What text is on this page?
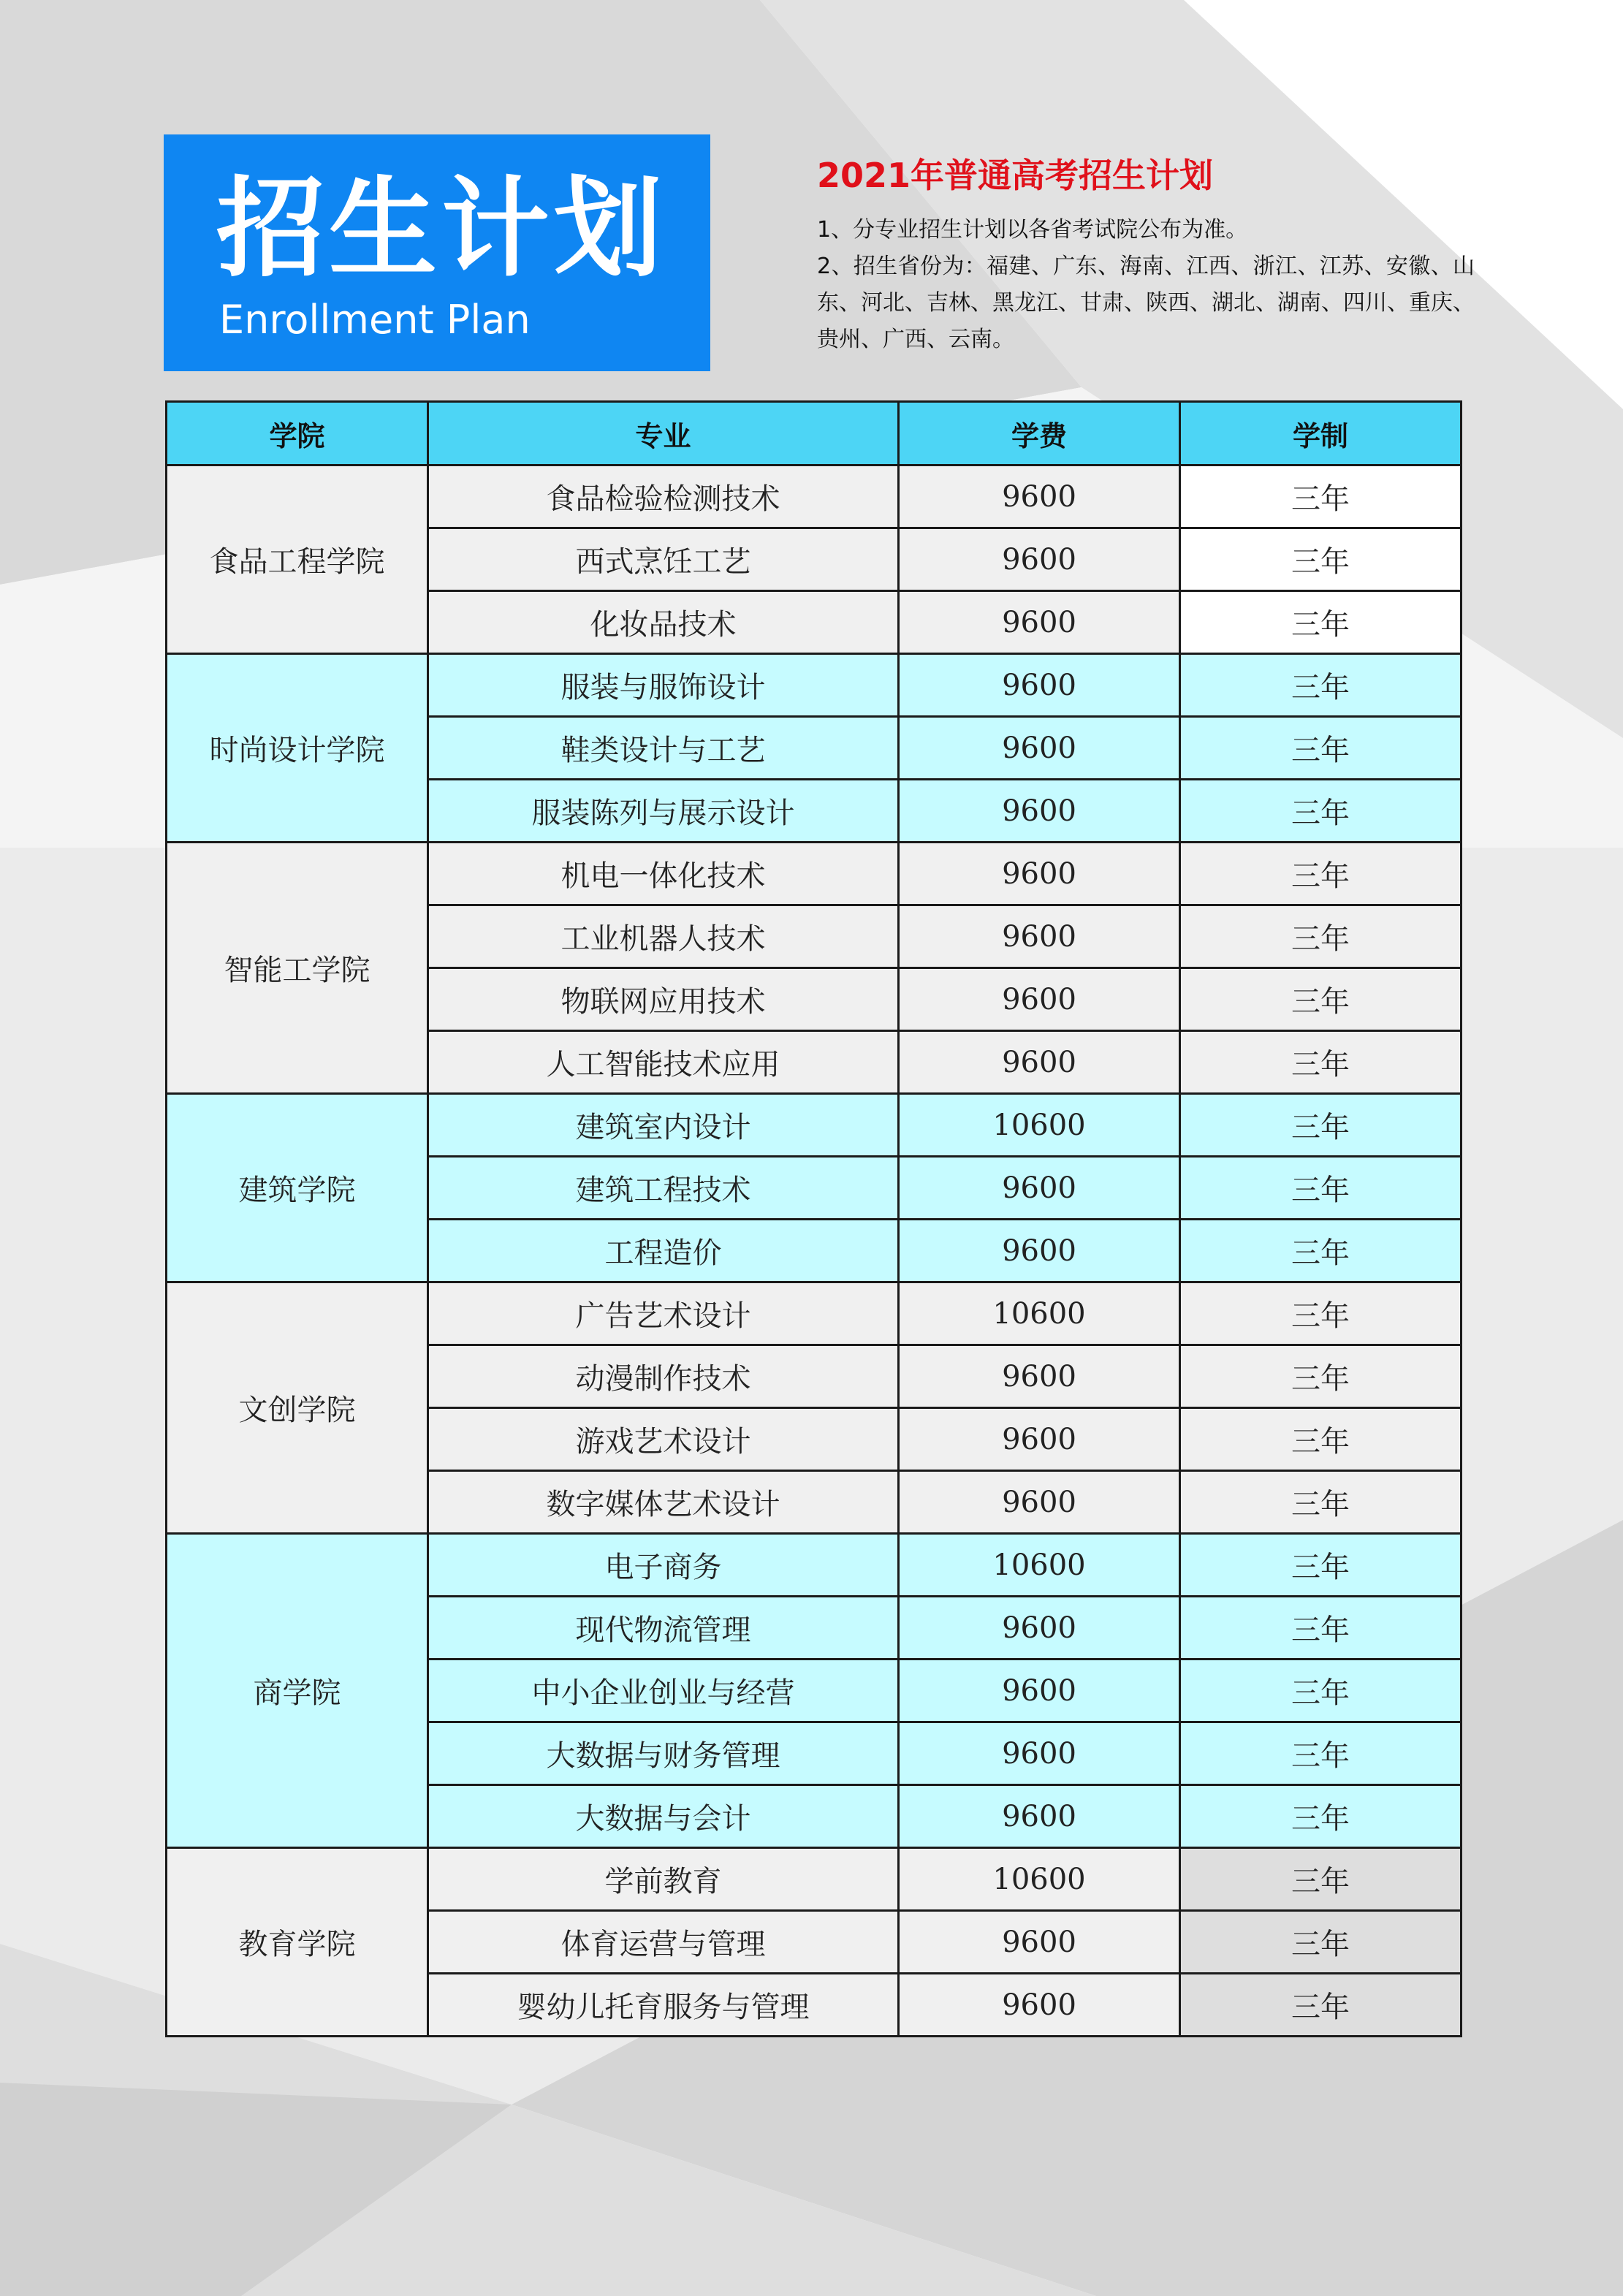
招生计划
Enrollment Plan
2021年普通高考招生计划
1、分专业招生计划以各省考试院公布为准。
2、招生省份为：福建、广东、海南、江西、浙江、江苏、安徽、山东、河北、吉林、黑龙江、甘肃、陕西、湖北、湖南、四川、重庆、贵州、广西、云南。
学院	专业	学费	学制
食品工程学院	食品检验检测技术	9600	三年
	西式烹饪工艺	9600	三年
	化妆品技术	9600	三年
时尚设计学院	服装与服饰设计	9600	三年
	鞋类设计与工艺	9600	三年
	服装陈列与展示设计	9600	三年
智能工学院	机电一体化技术	9600	三年
	工业机器人技术	9600	三年
	物联网应用技术	9600	三年
	人工智能技术应用	9600	三年
建筑学院	建筑室内设计	10600	三年
	建筑工程技术	9600	三年
	工程造价	9600	三年
文创学院	广告艺术设计	10600	三年
	动漫制作技术	9600	三年
	游戏艺术设计	9600	三年
	数字媒体艺术设计	9600	三年
商学院	电子商务	10600	三年
	现代物流管理	9600	三年
	中小企业创业与经营	9600	三年
	大数据与财务管理	9600	三年
	大数据与会计	9600	三年
教育学院	学前教育	10600	三年
	体育运营与管理	9600	三年
	婴幼儿托育服务与管理	9600	三年
